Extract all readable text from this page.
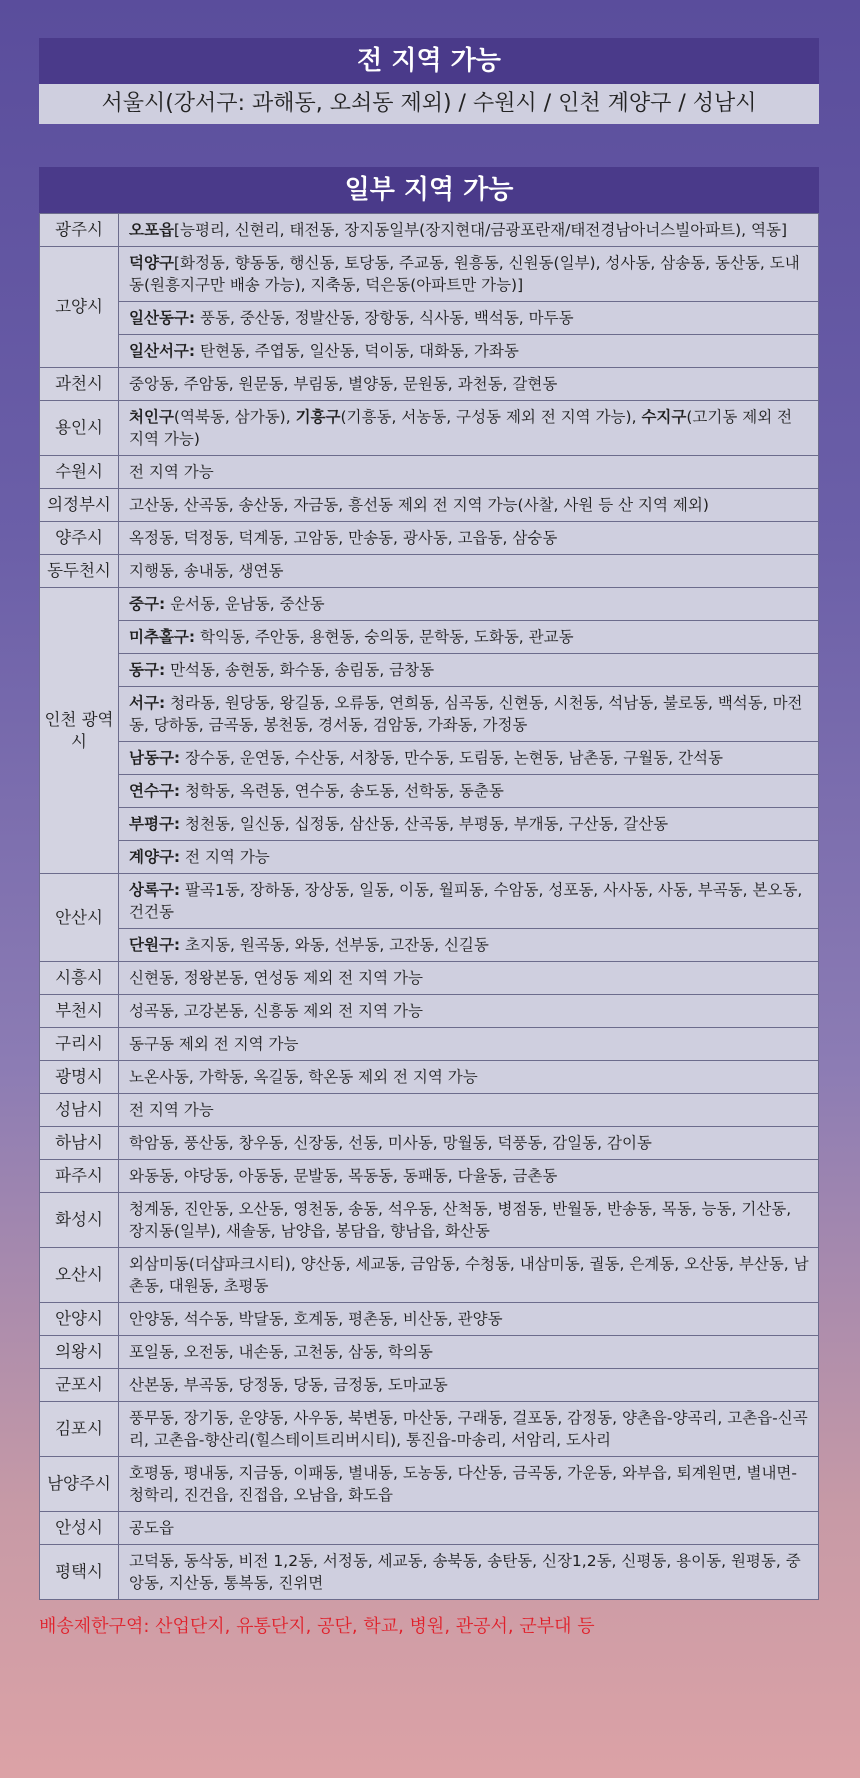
전 지역 가능
서울시(강서구: 과해동, 오쇠동 제외) / 수원시 / 인천 계양구 / 성남시
일부 지역 가능
광주시	오포읍[능평리, 신현리, 태전동, 장지동일부(장지현대/금광포란재/태전경남아너스빌아파트), 역동]
고양시	덕양구[화정동, 향동동, 행신동, 토당동, 주교동, 원흥동, 신원동(일부), 성사동, 삼송동, 동산동, 도내동(원흥지구만 배송 가능), 지축동, 덕은동(아파트만 가능)]
	일산동구: 풍동, 중산동, 정발산동, 장항동, 식사동, 백석동, 마두동
	일산서구: 탄현동, 주엽동, 일산동, 덕이동, 대화동, 가좌동
과천시	중앙동, 주암동, 원문동, 부림동, 별양동, 문원동, 과천동, 갈현동
용인시	처인구(역북동, 삼가동), 기흥구(기흥동, 서농동, 구성동 제외 전 지역 가능), 수지구(고기동 제외 전 지역 가능)
수원시	전 지역 가능
의정부시	고산동, 산곡동, 송산동, 자금동, 흥선동 제외 전 지역 가능(사찰, 사원 등 산 지역 제외)
양주시	옥정동, 덕정동, 덕계동, 고암동, 만송동, 광사동, 고읍동, 삼숭동
동두천시	지행동, 송내동, 생연동
인천 광역시	중구: 운서동, 운남동, 중산동
	미추홀구: 학익동, 주안동, 용현동, 숭의동, 문학동, 도화동, 관교동
	동구: 만석동, 송현동, 화수동, 송림동, 금창동
	서구: 청라동, 원당동, 왕길동, 오류동, 연희동, 심곡동, 신현동, 시천동, 석남동, 불로동, 백석동, 마전동, 당하동, 금곡동, 봉천동, 경서동, 검암동, 가좌동, 가정동
	남동구: 장수동, 운연동, 수산동, 서창동, 만수동, 도림동, 논현동, 남촌동, 구월동, 간석동
	연수구: 청학동, 옥련동, 연수동, 송도동, 선학동, 동춘동
	부평구: 청천동, 일신동, 십정동, 삼산동, 산곡동, 부평동, 부개동, 구산동, 갈산동
	계양구: 전 지역 가능
안산시	상록구: 팔곡1동, 장하동, 장상동, 일동, 이동, 월피동, 수암동, 성포동, 사사동, 사동, 부곡동, 본오동, 건건동
	단원구: 초지동, 원곡동, 와동, 선부동, 고잔동, 신길동
시흥시	신현동, 정왕본동, 연성동 제외 전 지역 가능
부천시	성곡동, 고강본동, 신흥동 제외 전 지역 가능
구리시	동구동 제외 전 지역 가능
광명시	노온사동, 가학동, 옥길동, 학온동 제외 전 지역 가능
성남시	전 지역 가능
하남시	학암동, 풍산동, 창우동, 신장동, 선동, 미사동, 망월동, 덕풍동, 감일동, 감이동
파주시	와동동, 야당동, 아동동, 문발동, 목동동, 동패동, 다율동, 금촌동
화성시	청계동, 진안동, 오산동, 영천동, 송동, 석우동, 산척동, 병점동, 반월동, 반송동, 목동, 능동, 기산동, 장지동(일부), 새솔동, 남양읍, 봉담읍, 향남읍, 화산동
오산시	외삼미동(더샵파크시티), 양산동, 세교동, 금암동, 수청동, 내삼미동, 궐동, 은계동, 오산동, 부산동, 남촌동, 대원동, 초평동
안양시	안양동, 석수동, 박달동, 호계동, 평촌동, 비산동, 관양동
의왕시	포일동, 오전동, 내손동, 고천동, 삼동, 학의동
군포시	산본동, 부곡동, 당정동, 당동, 금정동, 도마교동
김포시	풍무동, 장기동, 운양동, 사우동, 북변동, 마산동, 구래동, 걸포동, 감정동, 양촌읍-양곡리, 고촌읍-신곡리, 고촌읍-향산리(힐스테이트리버시티), 통진읍-마송리, 서암리, 도사리
남양주시	호평동, 평내동, 지금동, 이패동, 별내동, 도농동, 다산동, 금곡동, 가운동, 와부읍, 퇴계원면, 별내면-청학리, 진건읍, 진접읍, 오남읍, 화도읍
안성시	공도읍
평택시	고덕동, 동삭동, 비전 1,2동, 서정동, 세교동, 송북동, 송탄동, 신장1,2동, 신평동, 용이동, 원평동, 중앙동, 지산동, 통복동, 진위면
배송제한구역: 산업단지, 유통단지, 공단, 학교, 병원, 관공서, 군부대 등
